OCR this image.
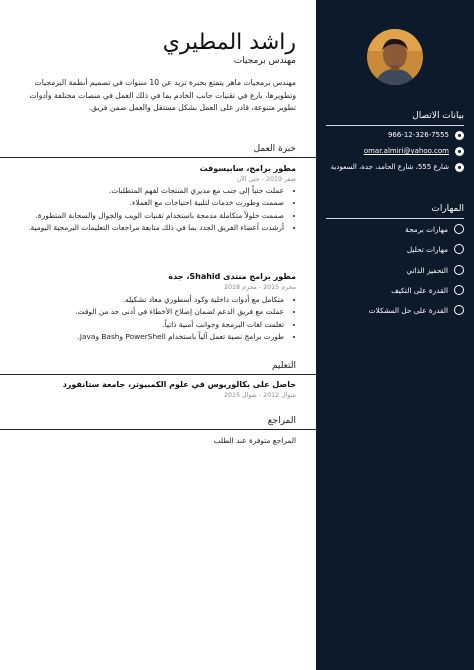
بيانات الاتصال
966-12-326-7555
omar.almiri@yahoo.com
شارع 555، شارع الحامد، جدة، السعودية
المهارات
مهارات برمجة
مهارات تحليل
التحفيز الذاتي
القدرة على التكيف
القدرة على حل المشكلات
راشد المطيري
مهندس برمجيات
مهندس برمجيات ماهر يتمتع بخبرة تزيد عن 10 سنوات في تصميم أنظمة البرمجيات وتطويرها، بارع في تقنيات جانب الخادم بما في ذلك العمل في منصات مختلفة وأدوات تطوير متنوعة، قادر على العمل بشكل مستقل والعمل ضمن فريق.
خبرة العمل
مطور برامج، سابيسوفت
صفر 2019 - حتى الآن
• عملت جنباً إلى جنب مع مديري المنتجات لفهم المتطلبات.
• صممت وطورت خدمات لتلبية احتياجات مع العملاء.
• صممت حلولاً متكاملة مدمجة باستخدام تقنيات الويب والجوال والسحابة المتطورة.
• أرشدت أعضاء الفريق الجدد بما في ذلك متابعة مراجعات التعليمات البرمجية اليومية.
مطور برامج منتدى Shahid، جدة
محرم 2015 - محرم 2018
• متكامل مع أدوات داخلية وكود أسطوري معاد تشكيله.
• عملت مع فريق الدعم لضمان إصلاح الأخطاء في أدنى حد من الوقت.
• تعلمت لغات البرمجة وجوانب أمنية ذاتياً.
• طورت برامج نصية تعمل آلياً باستخدام PowerShell وBash وJava.
التعليم
حاصل على بكالوريوس في علوم الكمبيوتر، جامعة ستانفورد
شوال 2012 - شوال 2015
المراجع
المراجع متوفرة عند الطلب
